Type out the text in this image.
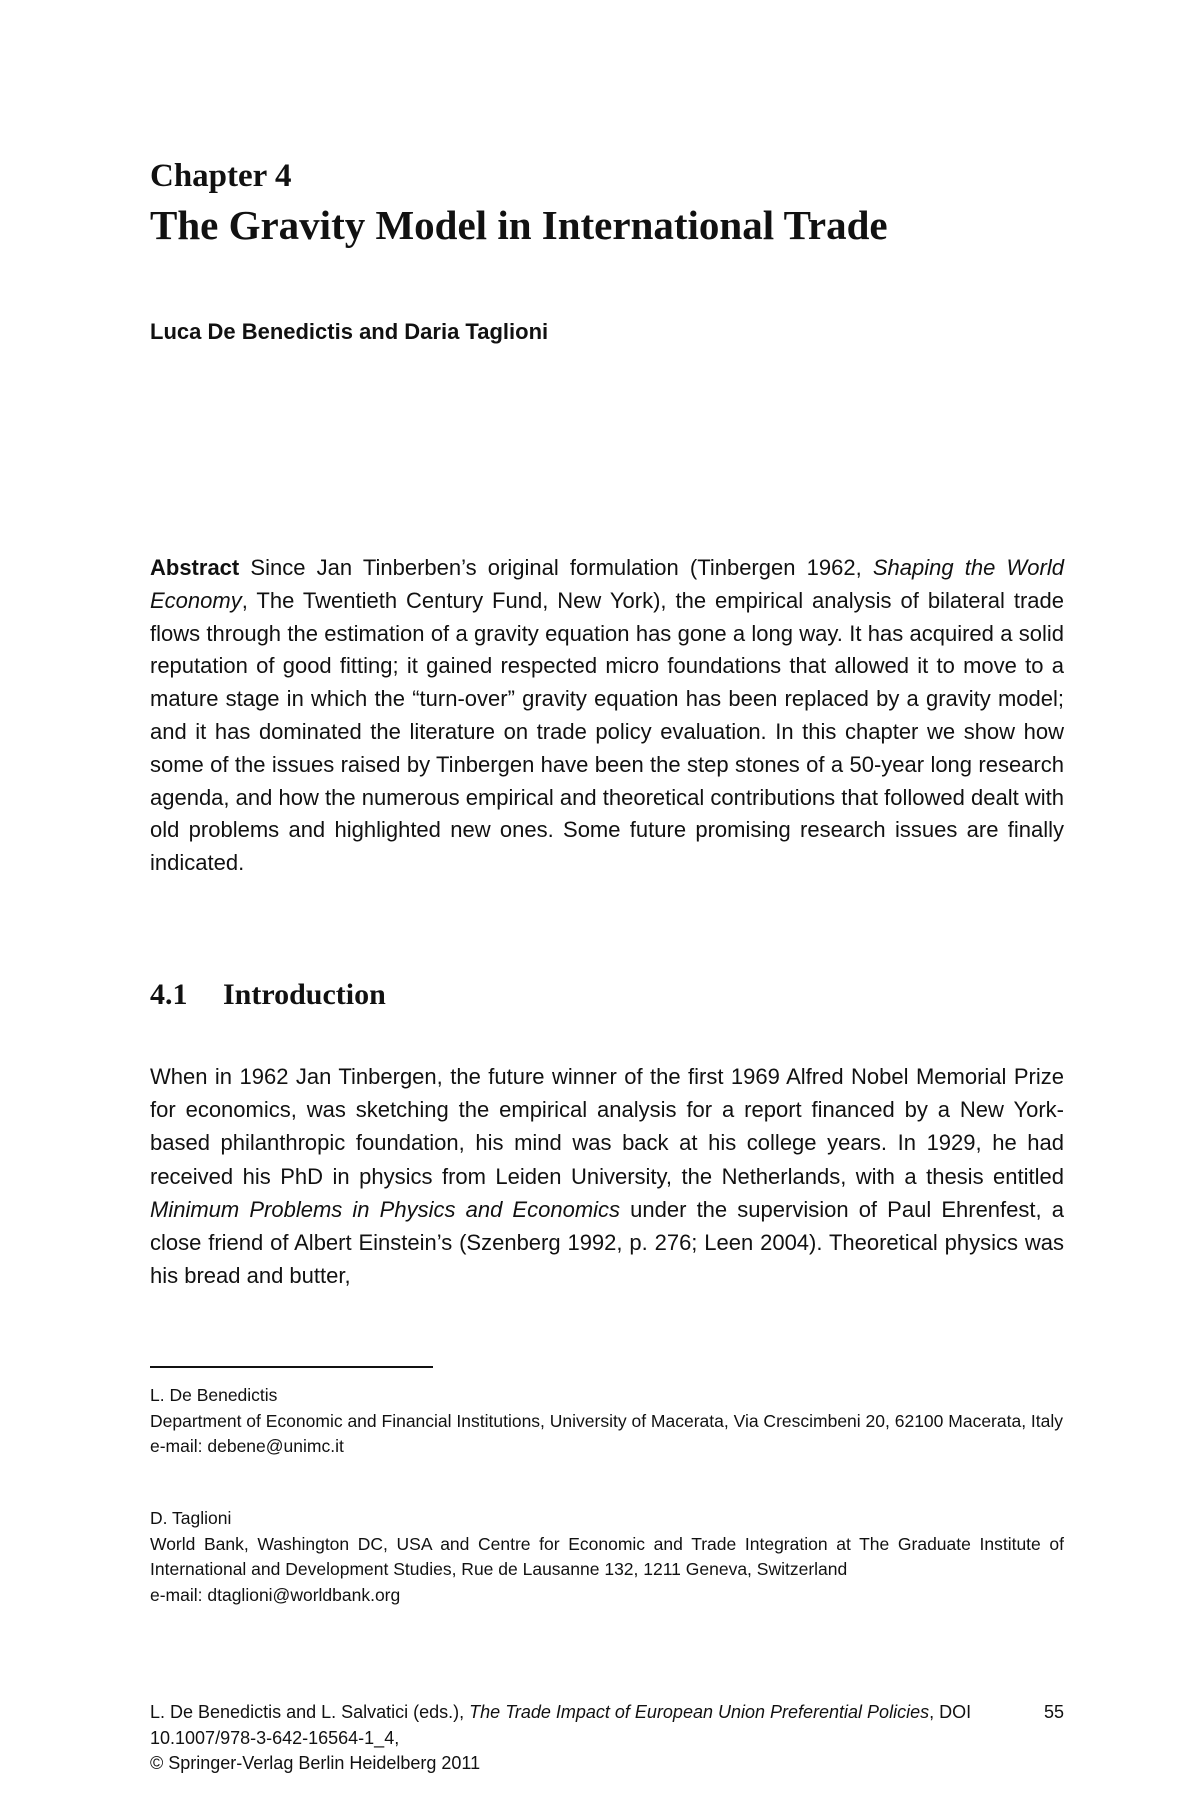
Chapter 4
The Gravity Model in International Trade
Luca De Benedictis and Daria Taglioni
Abstract Since Jan Tinberben’s original formulation (Tinbergen 1962, Shaping the World Economy, The Twentieth Century Fund, New York), the empirical analysis of bilateral trade flows through the estimation of a gravity equation has gone a long way. It has acquired a solid reputation of good fitting; it gained respected micro foundations that allowed it to move to a mature stage in which the “turn-over” gravity equation has been replaced by a gravity model; and it has dominated the literature on trade policy evaluation. In this chapter we show how some of the issues raised by Tinbergen have been the step stones of a 50-year long research agenda, and how the numerous empirical and theoretical contributions that followed dealt with old problems and highlighted new ones. Some future promising research issues are finally indicated.
4.1 Introduction
When in 1962 Jan Tinbergen, the future winner of the first 1969 Alfred Nobel Memorial Prize for economics, was sketching the empirical analysis for a report financed by a New York-based philanthropic foundation, his mind was back at his college years. In 1929, he had received his PhD in physics from Leiden University, the Netherlands, with a thesis entitled Minimum Problems in Physics and Economics under the supervision of Paul Ehrenfest, a close friend of Albert Einstein’s (Szenberg 1992, p. 276; Leen 2004). Theoretical physics was his bread and butter,

L. De Benedictis

Department of Economic and Financial Institutions, University of Macerata, Via Crescimbeni 20, 62100 Macerata, Italy

e-mail: debene@unimc.it

D. Taglioni

World Bank, Washington DC, USA and Centre for Economic and Trade Integration at The Graduate Institute of International and Development Studies, Rue de Lausanne 132, 1211 Geneva, Switzerland

e-mail: dtaglioni@worldbank.org

L. De Benedictis and L. Salvatici (eds.), The Trade Impact of European Union Preferential Policies, DOI 10.1007/978-3-642-16564-1_4,

© Springer-Verlag Berlin Heidelberg 2011

55
